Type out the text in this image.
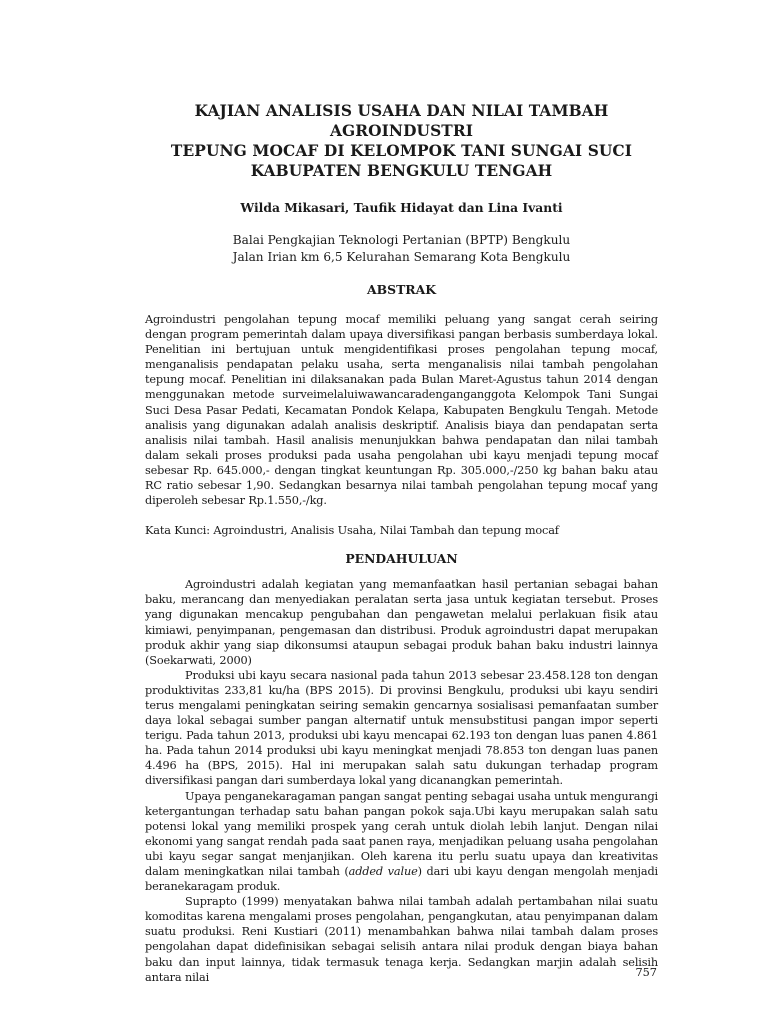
KAJIAN ANALISIS USAHA DAN NILAI TAMBAH AGROINDUSTRI
TEPUNG MOCAF DI KELOMPOK TANI SUNGAI SUCI
KABUPATEN BENGKULU TENGAH

Wilda Mikasari, Taufik Hidayat dan Lina Ivanti

Balai Pengkajian Teknologi Pertanian (BPTP) Bengkulu
Jalan Irian km 6,5 Kelurahan Semarang Kota Bengkulu

ABSTRAK

Agroindustri pengolahan tepung mocaf memiliki peluang yang sangat cerah seiring dengan program pemerintah dalam upaya diversifikasi pangan berbasis sumberdaya lokal. Penelitian ini bertujuan untuk mengidentifikasi proses pengolahan tepung mocaf, menganalisis pendapatan pelaku usaha, serta menganalisis nilai tambah pengolahan tepung mocaf. Penelitian ini dilaksanakan pada Bulan Maret-Agustus tahun 2014 dengan menggunakan metode surveimelaluiwawancaradenganganggota Kelompok Tani Sungai Suci Desa Pasar Pedati, Kecamatan Pondok Kelapa, Kabupaten Bengkulu Tengah. Metode analisis yang digunakan adalah analisis deskriptif. Analisis biaya dan pendapatan serta analisis nilai tambah. Hasil analisis menunjukkan bahwa pendapatan dan nilai tambah dalam sekali proses produksi pada usaha pengolahan ubi kayu menjadi tepung mocaf sebesar Rp. 645.000,- dengan tingkat keuntungan Rp. 305.000,-/250 kg bahan baku atau RC ratio sebesar 1,90. Sedangkan besarnya nilai tambah pengolahan tepung mocaf yang diperoleh sebesar Rp.1.550,-/kg.

Kata Kunci: Agroindustri, Analisis Usaha, Nilai Tambah dan tepung mocaf

PENDAHULUAN

Agroindustri adalah kegiatan yang memanfaatkan hasil pertanian sebagai bahan baku, merancang dan menyediakan peralatan serta jasa untuk kegiatan tersebut. Proses yang digunakan mencakup pengubahan dan pengawetan melalui perlakuan fisik atau kimiawi, penyimpanan, pengemasan dan distribusi. Produk agroindustri dapat merupakan produk akhir yang siap dikonsumsi ataupun sebagai produk bahan baku industri lainnya (Soekarwati, 2000)

Produksi ubi kayu secara nasional pada tahun 2013 sebesar 23.458.128 ton dengan produktivitas 233,81 ku/ha (BPS 2015). Di provinsi Bengkulu, produksi ubi kayu sendiri terus mengalami peningkatan seiring semakin gencarnya sosialisasi pemanfaatan sumber daya lokal sebagai sumber pangan alternatif untuk mensubstitusi pangan impor seperti terigu. Pada tahun 2013, produksi ubi kayu mencapai 62.193 ton dengan luas panen 4.861 ha. Pada tahun 2014 produksi ubi kayu meningkat menjadi 78.853 ton dengan luas panen 4.496 ha (BPS, 2015). Hal ini merupakan salah satu dukungan terhadap program diversifikasi pangan dari sumberdaya lokal yang dicanangkan pemerintah.

Upaya penganekaragaman pangan sangat penting sebagai usaha untuk mengurangi ketergantungan terhadap satu bahan pangan pokok saja.Ubi kayu merupakan salah satu potensi lokal yang memiliki prospek yang cerah untuk diolah lebih lanjut. Dengan nilai ekonomi yang sangat rendah pada saat panen raya, menjadikan peluang usaha pengolahan ubi kayu segar sangat menjanjikan. Oleh karena itu perlu suatu upaya dan kreativitas dalam meningkatkan nilai tambah (added value) dari ubi kayu dengan mengolah menjadi beranekaragam produk.

Suprapto (1999) menyatakan bahwa nilai tambah adalah pertambahan nilai suatu komoditas karena mengalami proses pengolahan, pengangkutan, atau penyimpanan dalam suatu produksi. Reni Kustiari (2011) menambahkan bahwa nilai tambah dalam proses pengolahan dapat didefinisikan sebagai selisih antara nilai produk dengan biaya bahan baku dan input lainnya, tidak termasuk tenaga kerja. Sedangkan marjin adalah selisih antara nilai	757
